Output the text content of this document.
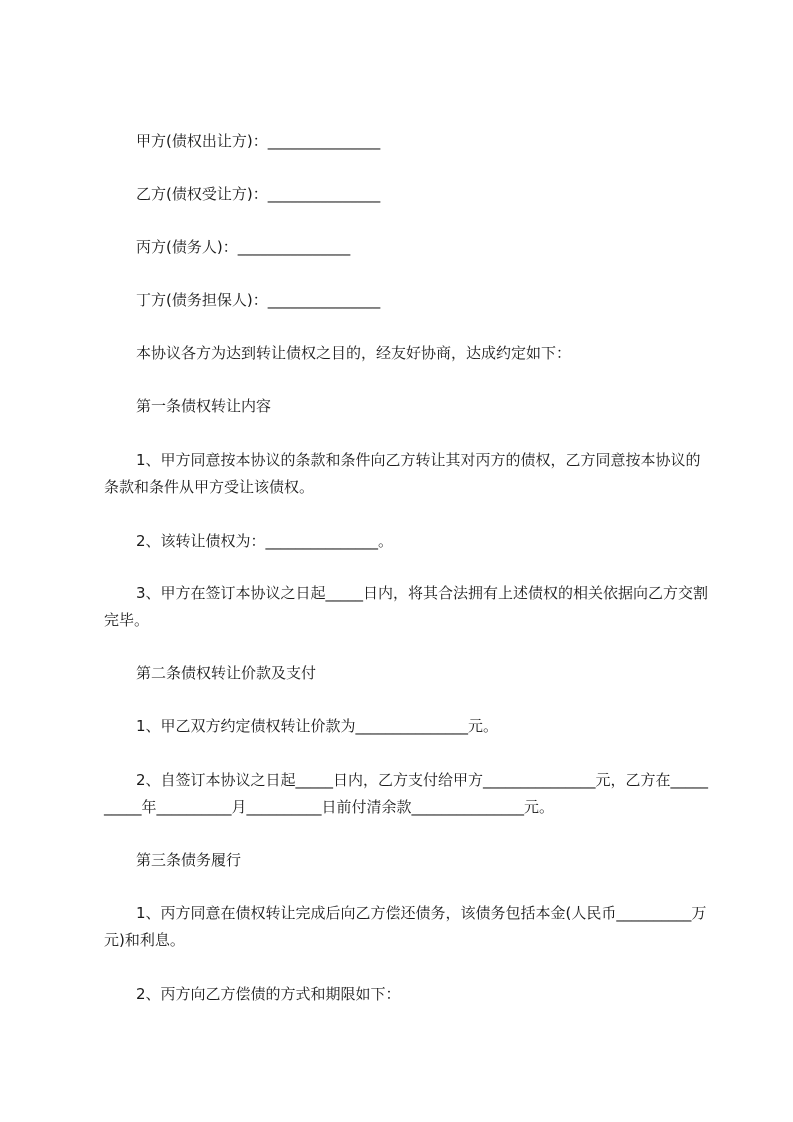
甲方(债权出让方)：_______________

乙方(债权受让方)：_______________

丙方(债务人)：_______________

丁方(债务担保人)：_______________

本协议各方为达到转让债权之目的，经友好协商，达成约定如下：

第一条债权转让内容

1、甲方同意按本协议的条款和条件向乙方转让其对丙方的债权，乙方同意按本协议的条款和条件从甲方受让该债权。

2、该转让债权为：_______________。

3、甲方在签订本协议之日起_____日内，将其合法拥有上述债权的相关依据向乙方交割完毕。

第二条债权转让价款及支付

1、甲乙双方约定债权转让价款为_______________元。

2、自签订本协议之日起_____日内，乙方支付给甲方_______________元，乙方在__________年__________月__________日前付清余款_______________元。

第三条债务履行

1、丙方同意在债权转让完成后向乙方偿还债务，该债务包括本金(人民币__________万元)和利息。

2、丙方向乙方偿债的方式和期限如下：
